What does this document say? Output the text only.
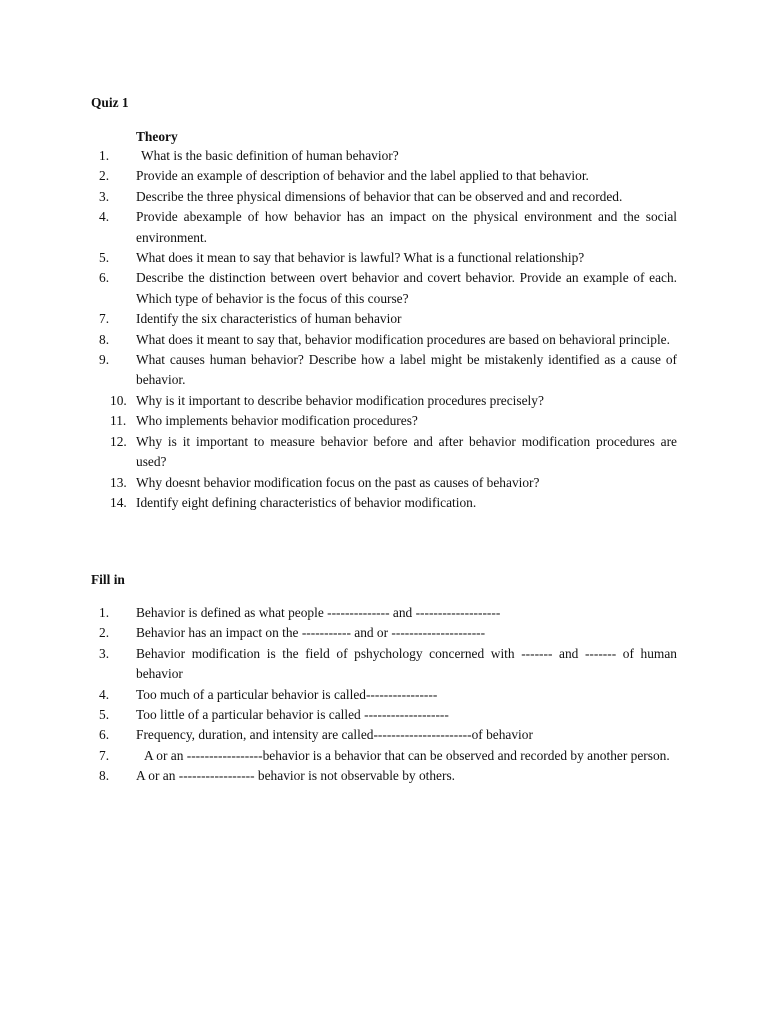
Quiz 1
Theory
1.	What is the basic definition of human behavior?
2.	Provide an example of description of behavior and the label applied to that behavior.
3.	Describe the three physical dimensions of behavior that can be observed and and recorded.
4.	Provide abexample of how behavior has an impact on the physical environment and the social environment.
5.	What does it mean to say that behavior is lawful? What is a functional relationship?
6.	Describe the distinction between overt behavior and covert behavior. Provide an example of each. Which type of behavior is the focus of this course?
7.	Identify the six characteristics of human behavior
8.	What does it meant to say that, behavior modification procedures are based on behavioral principle.
9.	What causes human behavior? Describe how a label might be mistakenly identified as a cause of behavior.
10. Why is it important to describe behavior modification procedures precisely?
11. Who implements behavior modification procedures?
12. Why is it important to measure behavior before and after behavior modification procedures are used?
13. Why doesnt behavior modification focus on the past as causes of behavior?
14. Identify eight defining characteristics of behavior modification.
Fill in
1.	Behavior is defined as what people -------------- and -------------------
2.	Behavior has an impact on the ----------- and or ---------------------
3.	Behavior modification is the field of pshychology concerned with ------- and ------- of human behavior
4.	Too much of a particular behavior is called----------------
5.	Too little of a particular behavior is called -------------------
6.	Frequency, duration, and intensity are called----------------------of behavior
7.	A or an -----------------behavior is a behavior that can be observed and recorded by another person.
8.	A or an ----------------- behavior is not observable by others.
